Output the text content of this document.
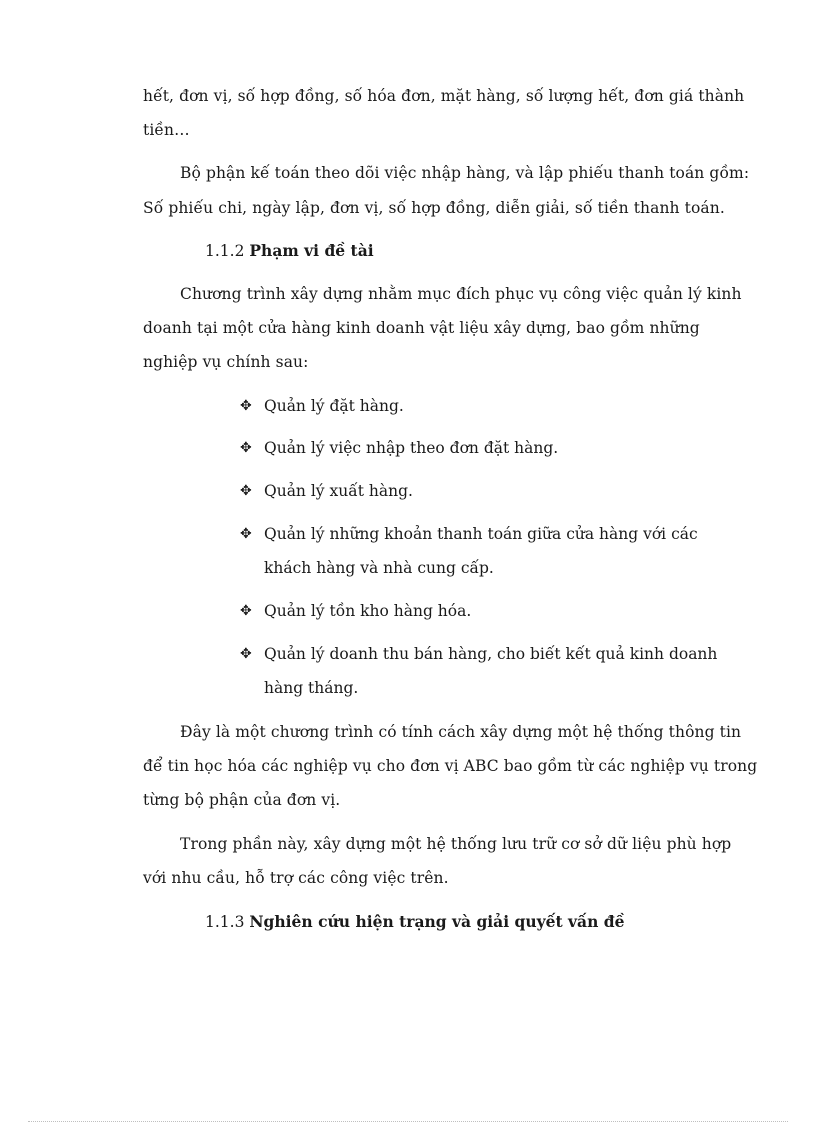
hết, đơn vị, số hợp đồng, số hóa đơn, mặt hàng, số lượng hết, đơn giá thành
tiền…
Bộ phận kế toán theo dõi việc nhập hàng, và lập phiếu thanh toán gồm:
Số phiếu chi, ngày lập, đơn vị, số hợp đồng, diễn giải, số tiền thanh toán.
1.1.2 Phạm vi đề tài
Chương trình xây dựng nhằm mục đích phục vụ công việc quản lý kinh
doanh tại một cửa hàng kinh doanh vật liệu xây dựng, bao gồm những
nghiệp vụ chính sau:
✥ Quản lý đặt hàng.
✥ Quản lý việc nhập theo đơn đặt hàng.
✥ Quản lý xuất hàng.
✥ Quản lý những khoản thanh toán giữa cửa hàng với các
khách hàng và nhà cung cấp.
✥ Quản lý tồn kho hàng hóa.
✥ Quản lý doanh thu bán hàng, cho biết kết quả kinh doanh
hàng tháng.
Đây là một chương trình có tính cách xây dựng một hệ thống thông tin
để tin học hóa các nghiệp vụ cho đơn vị ABC bao gồm từ các nghiệp vụ trong
từng bộ phận của đơn vị.
Trong phần này, xây dựng một hệ thống lưu trữ cơ sở dữ liệu phù hợp
với nhu cầu, hỗ trợ các công việc trên.
1.1.3 Nghiên cứu hiện trạng và giải quyết vấn đề
